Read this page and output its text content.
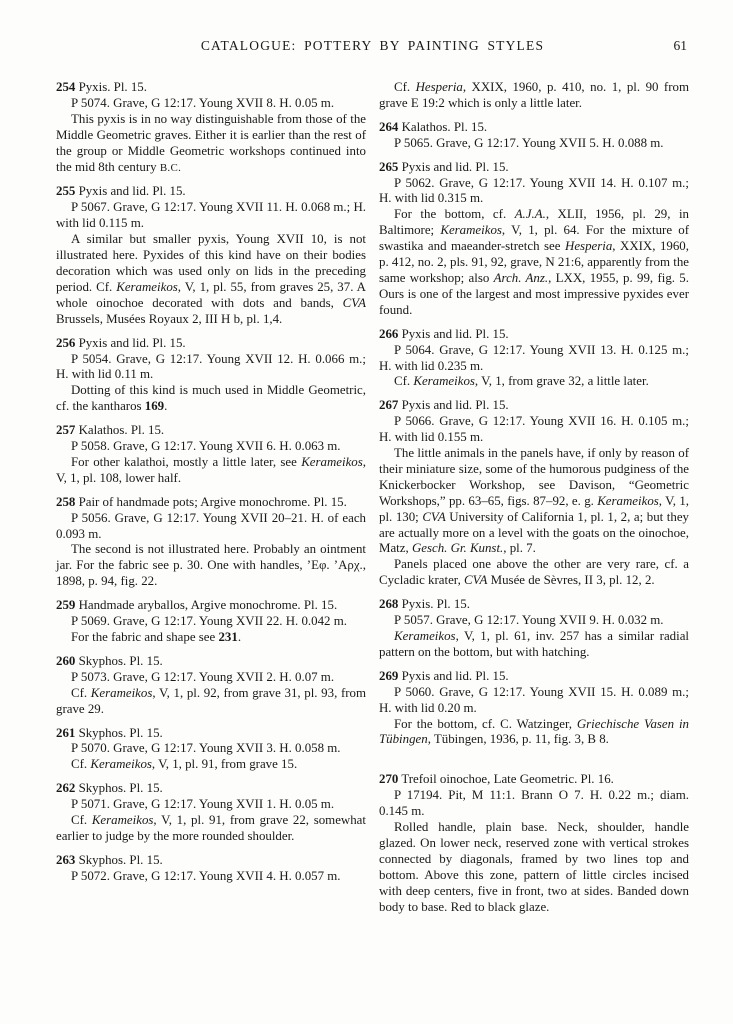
CATALOGUE: POTTERY BY PAINTING STYLES	61

254 Pyxis. Pl. 15.

P 5074. Grave, G 12:17. Young XVII 8. H. 0.05 m.

This pyxis is in no way distinguishable from those of the Middle Geometric graves. Either it is earlier than the rest of the group or Middle Geometric workshops continued into the mid 8th century B.C.

255 Pyxis and lid. Pl. 15.

P 5067. Grave, G 12:17. Young XVII 11. H. 0.068 m.; H. with lid 0.115 m.

A similar but smaller pyxis, Young XVII 10, is not illustrated here. Pyxides of this kind have on their bodies decoration which was used only on lids in the preceding period. Cf. Kerameikos, V, 1, pl. 55, from graves 25, 37. A whole oinochoe decorated with dots and bands, CVA Brussels, Musées Royaux 2, III H b, pl. 1,4.

256 Pyxis and lid. Pl. 15.

P 5054. Grave, G 12:17. Young XVII 12. H. 0.066 m.; H. with lid 0.11 m.

Dotting of this kind is much used in Middle Geometric, cf. the kantharos 169.

257 Kalathos. Pl. 15.

P 5058. Grave, G 12:17. Young XVII 6. H. 0.063 m.

For other kalathoi, mostly a little later, see Kerameikos, V, 1, pl. 108, lower half.

258 Pair of handmade pots; Argive monochrome. Pl. 15.

P 5056. Grave, G 12:17. Young XVII 20–21. H. of each 0.093 m.

The second is not illustrated here. Probably an ointment jar. For the fabric see p. 30. One with handles, ’Εφ. ’Αρχ., 1898, p. 94, fig. 22.

259 Handmade aryballos, Argive monochrome. Pl. 15.

P 5069. Grave, G 12:17. Young XVII 22. H. 0.042 m.

For the fabric and shape see 231.

260 Skyphos. Pl. 15.

P 5073. Grave, G 12:17. Young XVII 2. H. 0.07 m.

Cf. Kerameikos, V, 1, pl. 92, from grave 31, pl. 93, from grave 29.

261 Skyphos. Pl. 15.

P 5070. Grave, G 12:17. Young XVII 3. H. 0.058 m.

Cf. Kerameikos, V, 1, pl. 91, from grave 15.

262 Skyphos. Pl. 15.

P 5071. Grave, G 12:17. Young XVII 1. H. 0.05 m.

Cf. Kerameikos, V, 1, pl. 91, from grave 22, somewhat earlier to judge by the more rounded shoulder.

263 Skyphos. Pl. 15.

P 5072. Grave, G 12:17. Young XVII 4. H. 0.057 m.

Cf. Hesperia, XXIX, 1960, p. 410, no. 1, pl. 90 from grave E 19:2 which is only a little later.

264 Kalathos. Pl. 15.

P 5065. Grave, G 12:17. Young XVII 5. H. 0.088 m.

265 Pyxis and lid. Pl. 15.

P 5062. Grave, G 12:17. Young XVII 14. H. 0.107 m.; H. with lid 0.315 m.

For the bottom, cf. A.J.A., XLII, 1956, pl. 29, in Baltimore; Kerameikos, V, 1, pl. 64. For the mixture of swastika and maeander-stretch see Hesperia, XXIX, 1960, p. 412, no. 2, pls. 91, 92, grave, N 21:6, apparently from the same workshop; also Arch. Anz., LXX, 1955, p. 99, fig. 5. Ours is one of the largest and most impressive pyxides ever found.

266 Pyxis and lid. Pl. 15.

P 5064. Grave, G 12:17. Young XVII 13. H. 0.125 m.; H. with lid 0.235 m.

Cf. Kerameikos, V, 1, from grave 32, a little later.

267 Pyxis and lid. Pl. 15.

P 5066. Grave, G 12:17. Young XVII 16. H. 0.105 m.; H. with lid 0.155 m.

The little animals in the panels have, if only by reason of their miniature size, some of the humorous pudginess of the Knickerbocker Workshop, see Davison, “Geometric Workshops,” pp. 63–65, figs. 87–92, e. g. Kerameikos, V, 1, pl. 130; CVA University of California 1, pl. 1, 2, a; but they are actually more on a level with the goats on the oinochoe, Matz, Gesch. Gr. Kunst., pl. 7.

Panels placed one above the other are very rare, cf. a Cycladic krater, CVA Musée de Sèvres, II 3, pl. 12, 2.

268 Pyxis. Pl. 15.

P 5057. Grave, G 12:17. Young XVII 9. H. 0.032 m.

Kerameikos, V, 1, pl. 61, inv. 257 has a similar radial pattern on the bottom, but with hatching.

269 Pyxis and lid. Pl. 15.

P 5060. Grave, G 12:17. Young XVII 15. H. 0.089 m.; H. with lid 0.20 m.

For the bottom, cf. C. Watzinger, Griechische Vasen in Tübingen, Tübingen, 1936, p. 11, fig. 3, B 8.

270 Trefoil oinochoe, Late Geometric. Pl. 16.

P 17194. Pit, M 11:1. Brann O 7. H. 0.22 m.; diam. 0.145 m.

Rolled handle, plain base. Neck, shoulder, handle glazed. On lower neck, reserved zone with vertical strokes connected by diagonals, framed by two lines top and bottom. Above this zone, pattern of little circles incised with deep centers, five in front, two at sides. Banded down body to base. Red to black glaze.
